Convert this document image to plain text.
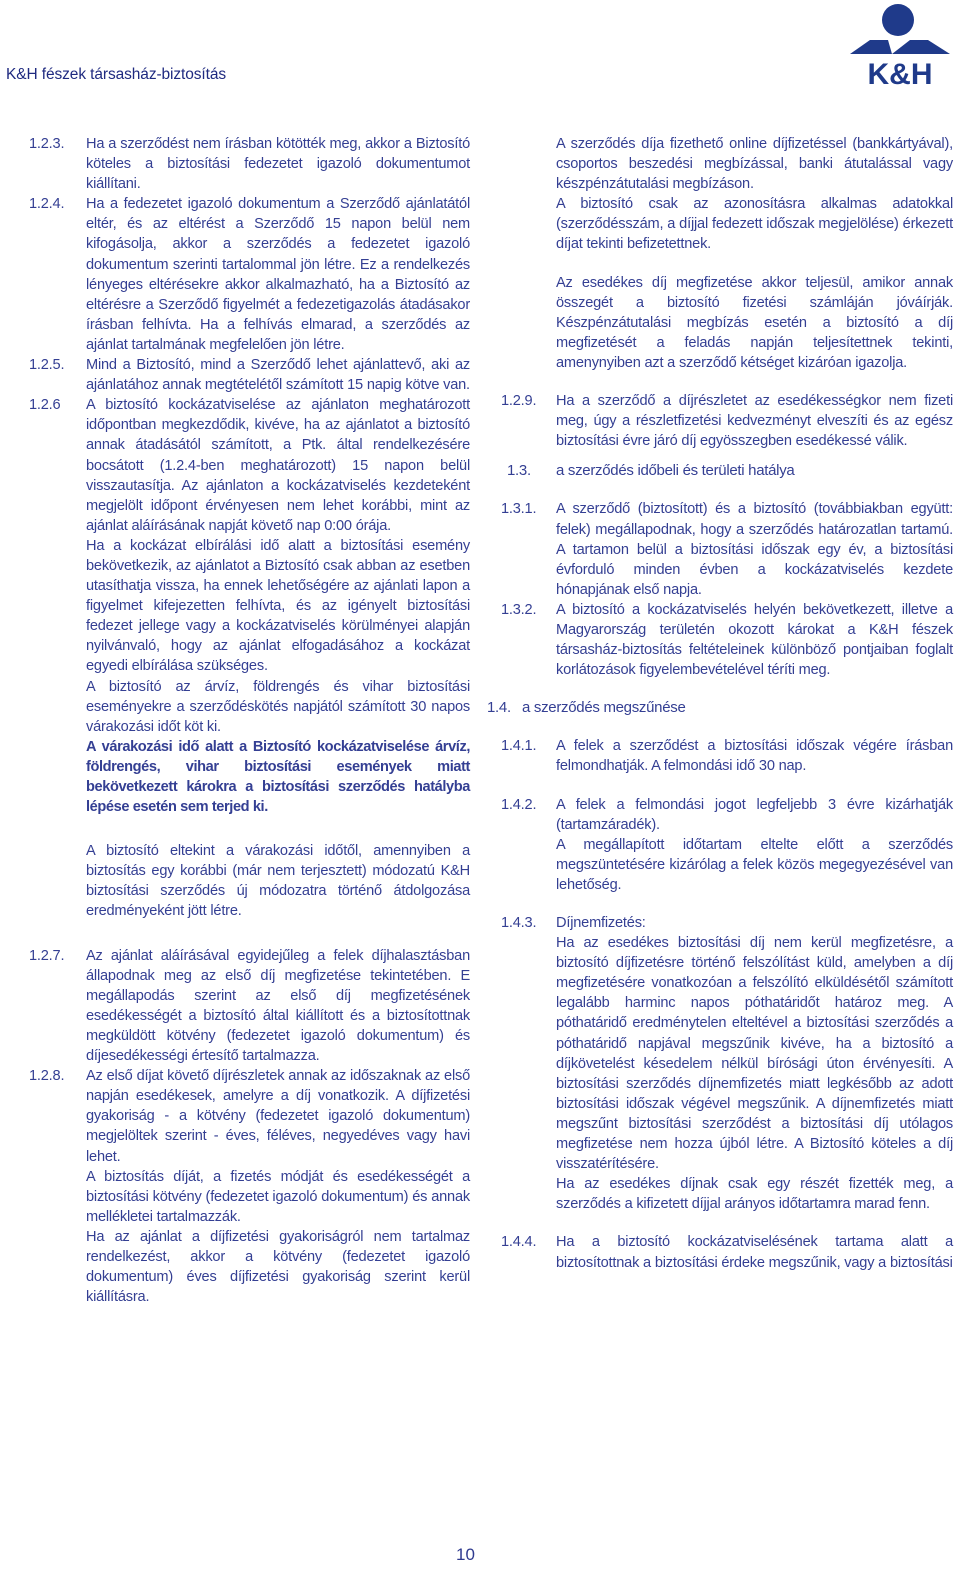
K&H fészek társasház-biztosítás	K&H
1.2.3.	Ha a szerződést nem írásban kötötték meg, akkor a Biztosító köteles a biztosítási fedezetet igazoló dokumentumot kiállítani.
1.2.4.	Ha a fedezetet igazoló dokumentum a Szerződő ajánlatától eltér, és az eltérést a Szerződő 15 napon belül nem kifogásolja, akkor a szerződés a fedezetet igazoló dokumentum szerinti tartalommal jön létre. Ez a rendelkezés lényeges eltérésekre akkor alkalmazható, ha a Biztosító az eltérésre a Szerződő figyelmét a fedezetigazolás átadásakor írásban felhívta. Ha a felhívás elmarad, a szerződés az ajánlat tartalmának megfelelően jön létre.
1.2.5.	Mind a Biztosító, mind a Szerződő lehet ajánlattevő, aki az ajánlatához annak megtételétől számított 15 napig kötve van.
1.2.6	A biztosító kockázatviselése az ajánlaton meghatározott időpontban megkezdődik, kivéve, ha az ajánlatot a biztosító annak átadásától számított, a Ptk. által rendelkezésére bocsátott (1.2.4-ben meghatározott) 15 napon belül visszautasítja. Az ajánlaton a kockázatviselés kezdeteként megjelölt időpont érvényesen nem lehet korábbi, mint az ajánlat aláírásának napját követő nap 0:00 órája.
Ha a kockázat elbírálási idő alatt a biztosítási esemény bekövetkezik, az ajánlatot a Biztosító csak abban az esetben utasíthatja vissza, ha ennek lehetőségére az ajánlati lapon a figyelmet kifejezetten felhívta, és az igényelt biztosítási fedezet jellege vagy a kockázatviselés körülményei alapján nyilvánvaló, hogy az ajánlat elfogadásához a kockázat egyedi elbírálása szükséges.
A biztosító az árvíz, földrengés és vihar biztosítási eseményekre a szerződéskötés napjától számított 30 napos várakozási időt köt ki.
A várakozási idő alatt a Biztosító kockázatviselése árvíz, földrengés, vihar biztosítási események miatt bekövetkezett károkra a biztosítási szerződés hatályba lépése esetén sem terjed ki.
A biztosító eltekint a várakozási időtől, amennyiben a biztosítás egy korábbi (már nem terjesztett) módozatú K&H biztosítási szerződés új módozatra történő átdolgozása eredményeként jött létre.
1.2.7.	Az ajánlat aláírásával egyidejűleg a felek díjhalasztásban állapodnak meg az első díj megfizetése tekintetében. E megállapodás szerint az első díj megfizetésének esedékességét a biztosító által kiállított és a biztosítottnak megküldött kötvény (fedezetet igazoló dokumentum) és díjesedékességi értesítő tartalmazza.
1.2.8.	Az első díjat követő díjrészletek annak az időszaknak az első napján esedékesek, amelyre a díj vonatkozik. A díjfizetési gyakoriság - a kötvény (fedezetet igazoló dokumentum) megjelöltek szerint - éves, féléves, negyedéves vagy havi lehet.
A biztosítás díját, a fizetés módját és esedékességét a biztosítási kötvény (fedezetet igazoló dokumentum) és annak mellékletei tartalmazzák.
Ha az ajánlat a díjfizetési gyakoriságról nem tartalmaz rendelkezést, akkor a kötvény (fedezetet igazoló dokumentum) éves díjfizetési gyakoriság szerint kerül kiállításra.
A szerződés díja fizethető online díjfizetéssel (bankkártyával), csoportos beszedési megbízással, banki átutalással vagy készpénzátutalási megbízáson.
A biztosító csak az azonosításra alkalmas adatokkal (szerződésszám, a díjjal fedezett időszak megjelölése) érkezett díjat tekinti befizetettnek.
Az esedékes díj megfizetése akkor teljesül, amikor annak összegét a biztosító fizetési számláján jóváírják. Készpénzátutalási megbízás esetén a biztosító a díj megfizetését a feladás napján teljesítettnek tekinti, amenynyiben azt a szerződő kétséget kizáróan igazolja.
1.2.9.	Ha a szerződő a díjrészletet az esedékességkor nem fizeti meg, úgy a részletfizetési kedvezményt elveszíti és az egész biztosítási évre járó díj egyösszegben esedékessé válik.
1.3.	a szerződés időbeli és területi hatálya
1.3.1.	A szerződő (biztosított) és a biztosító (továbbiakban együtt: felek) megállapodnak, hogy a szerződés határozatlan tartamú. A tartamon belül a biztosítási időszak egy év, a biztosítási évforduló minden évben a kockázatviselés kezdete hónapjának első napja.
1.3.2.	A biztosító a kockázatviselés helyén bekövetkezett, illetve a Magyarország területén okozott károkat a K&H fészek társasház-biztosítás feltételeinek különböző pontjaiban foglalt korlátozások figyelembevételével téríti meg.
1.4. a szerződés megszűnése
1.4.1.	A felek a szerződést a biztosítási időszak végére írásban felmondhatják. A felmondási idő 30 nap.
1.4.2.	A felek a felmondási jogot legfeljebb 3 évre kizárhatják (tartamzáradék).
A megállapított időtartam eltelte előtt a szerződés megszüntetésére kizárólag a felek közös megegyezésével van lehetőség.
1.4.3.	Díjnemfizetés:
Ha az esedékes biztosítási díj nem kerül megfizetésre, a biztosító díjfizetésre történő felszólítást küld, amelyben a díj megfizetésére vonatkozóan a felszólító elküldésétől számított legalább harminc napos póthatáridőt határoz meg. A póthatáridő eredménytelen elteltével a biztosítási szerződés a póthatáridő napjával megszűnik kivéve, ha a biztosító a díjkövetelést késedelem nélkül bírósági úton érvényesíti. A biztosítási szerződés díjnemfizetés miatt legkésőbb az adott biztosítási időszak végével megszűnik. A díjnemfizetés miatt megszűnt biztosítási szerződést a biztosítási díj utólagos megfizetése nem hozza újból létre. A Biztosító köteles a díj visszatérítésére.
Ha az esedékes díjnak csak egy részét fizették meg, a szerződés a kifizetett díjjal arányos időtartamra marad fenn.
1.4.4.	Ha a biztosító kockázatviselésének tartama alatt a biztosítottnak a biztosítási érdeke megszűnik, vagy a biztosítási
10
